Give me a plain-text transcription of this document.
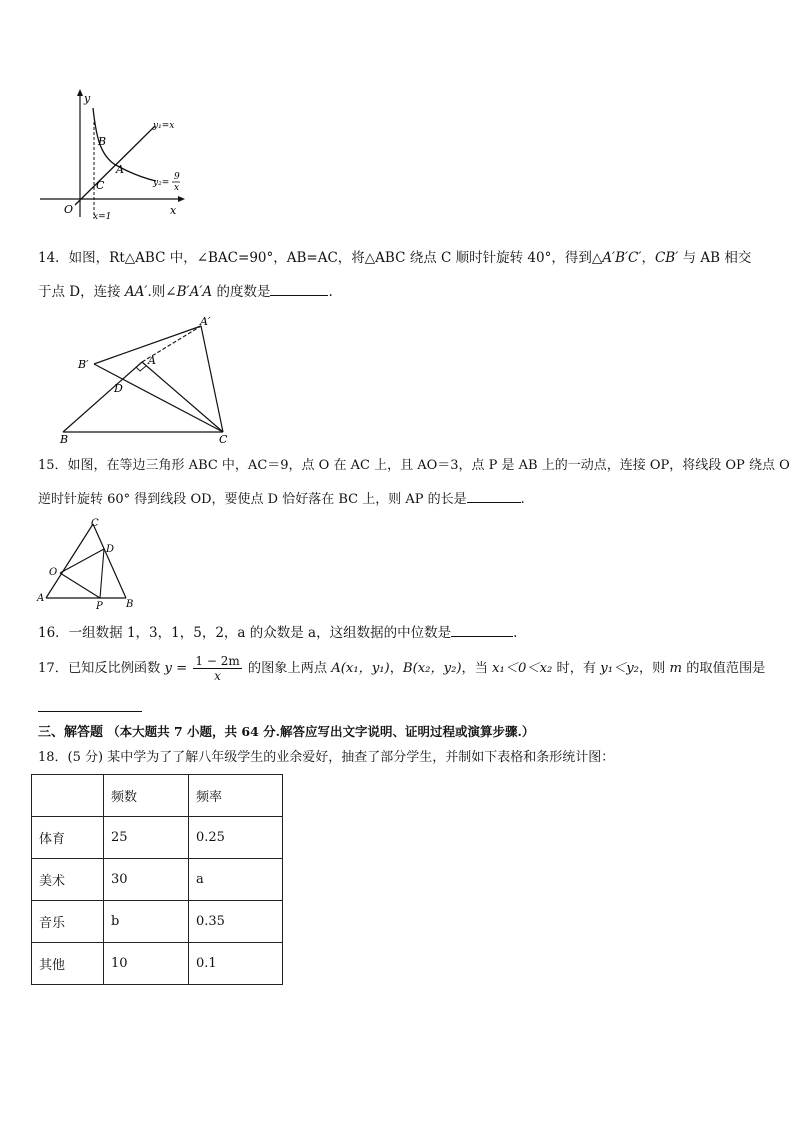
y
x
O
B
A
C
y₁=x
y₂=
9
x
x=1
14．如图，Rt△ABC 中，∠BAC=90°，AB=AC，将△ABC 绕点 C 顺时针旋转 40°，得到△A′B′C′，CB′ 与 AB 相交
于点 D，连接 AA′.则∠B′A′A 的度数是	.
A′
B′	A
D
B	C
15．如图，在等边三角形 ABC 中，AC＝9，点 O 在 AC 上，且 AO＝3，点 P 是 AB 上的一动点，连接 OP，将线段 OP 绕点 O
逆时针旋转 60° 得到线段 OD，要使点 D 恰好落在 BC 上，则 AP 的长是	.
C
D
O
A
P B
16．一组数据 1，3，1，5，2，a 的众数是 a，这组数据的中位数是	.
17．已知反比例函数 $y = \frac{1 - 2m}{x}$ 的图象上两点 A(x₁，y₁)，B(x₂，y₂)，当 x₁＜0＜x₂ 时，有 y₁＜y₂，则 m 的取值范围是
三、解答题 （本大题共 7 小题，共 64 分.解答应写出文字说明、证明过程或演算步骤.）
18．(5 分) 某中学为了了解八年级学生的业余爱好，抽查了部分学生，并制如下表格和条形统计图：
	频数	频率
体育	25	0.25
美术	30	a
音乐	b	0.35
其他	10	0.1
